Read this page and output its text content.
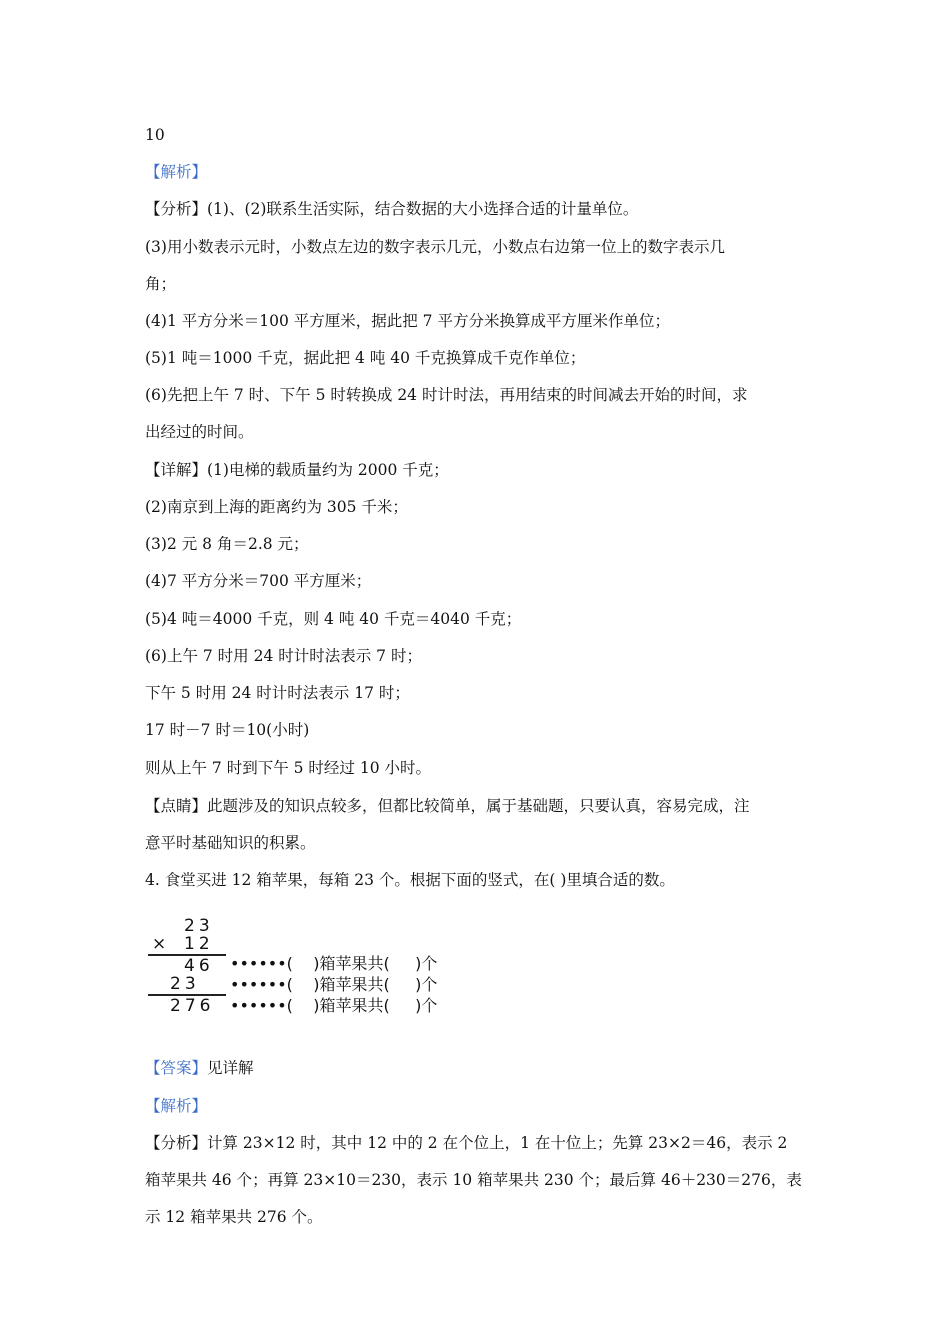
10
【解析】
【分析】(1)、(2)联系生活实际，结合数据的大小选择合适的计量单位。
(3)用小数表示元时，小数点左边的数字表示几元，小数点右边第一位上的数字表示几
角；
(4)1 平方分米＝100 平方厘米，据此把 7 平方分米换算成平方厘米作单位；
(5)1 吨＝1000 千克，据此把 4 吨 40 千克换算成千克作单位；
(6)先把上午 7 时、下午 5 时转换成 24 时计时法，再用结束的时间减去开始的时间，求
出经过的时间。
【详解】(1)电梯的载质量约为 2000 千克；
(2)南京到上海的距离约为 305 千米；
(3)2 元 8 角＝2.8 元；
(4)7 平方分米＝700 平方厘米；
(5)4 吨＝4000 千克，则 4 吨 40 千克＝4040 千克；
(6)上午 7 时用 24 时计时法表示 7 时；
下午 5 时用 24 时计时法表示 17 时；
17 时－7 时＝10(小时)
则从上午 7 时到下午 5 时经过 10 小时。
【点睛】此题涉及的知识点较多，但都比较简单，属于基础题，只要认真，容易完成，注
意平时基础知识的积累。
4. 食堂买进 12 箱苹果，每箱 23 个。根据下面的竖式，在( )里填合适的数。
23
× 12
46
23
276
••••••(    )箱苹果共(     )个
••••••(    )箱苹果共(     )个
••••••(    )箱苹果共(     )个
【答案】见详解
【解析】
【分析】计算 23×12 时，其中 12 中的 2 在个位上，1 在十位上；先算 23×2＝46，表示 2
箱苹果共 46 个；再算 23×10＝230，表示 10 箱苹果共 230 个；最后算 46＋230＝276，表
示 12 箱苹果共 276 个。
